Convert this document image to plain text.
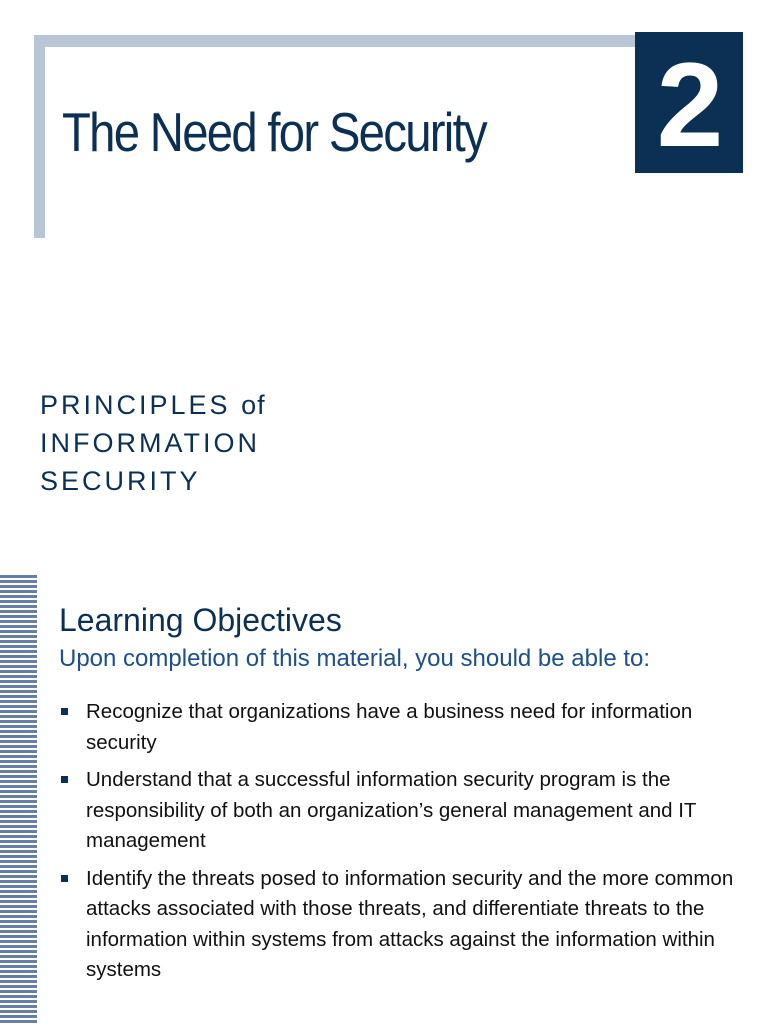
2
The Need for Security
PRINCIPLES of
INFORMATION
SECURITY
Learning Objectives
Upon completion of this material, you should be able to:
Recognize that organizations have a business need for information security
Understand that a successful information security program is the responsibility of both an organization’s general management and IT management
Identify the threats posed to information security and the more common attacks associated with those threats, and differentiate threats to the information within systems from attacks against the information within systems
